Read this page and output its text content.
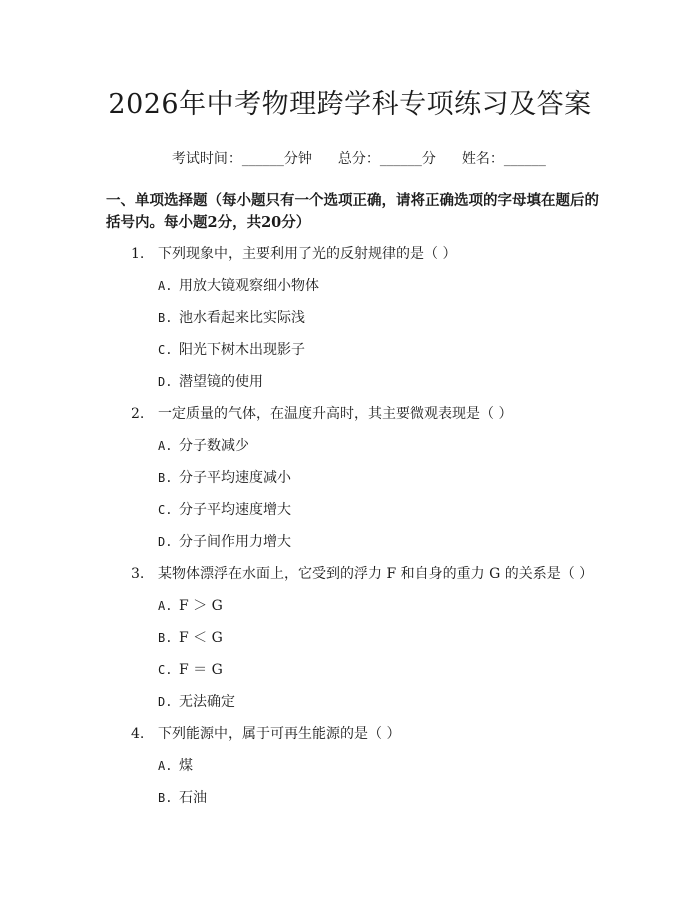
2026年中考物理跨学科专项练习及答案

考试时间：______分钟 总分：______分 姓名：______

一、单项选择题（每小题只有一个选项正确，请将正确选项的字母填在题后的括号内。每小题2分，共20分）
1. 下列现象中，主要利用了光的反射规律的是（ ）
A. 用放大镜观察细小物体
B. 池水看起来比实际浅
C. 阳光下树木出现影子
D. 潜望镜的使用
2. 一定质量的气体，在温度升高时，其主要微观表现是（ ）
A. 分子数减少
B. 分子平均速度减小
C. 分子平均速度增大
D. 分子间作用力增大
3. 某物体漂浮在水面上，它受到的浮力 F 和自身的重力 G 的关系是（ ）
A. F ＞ G
B. F ＜ G
C. F ＝ G
D. 无法确定
4. 下列能源中，属于可再生能源的是（ ）
A. 煤
B. 石油
